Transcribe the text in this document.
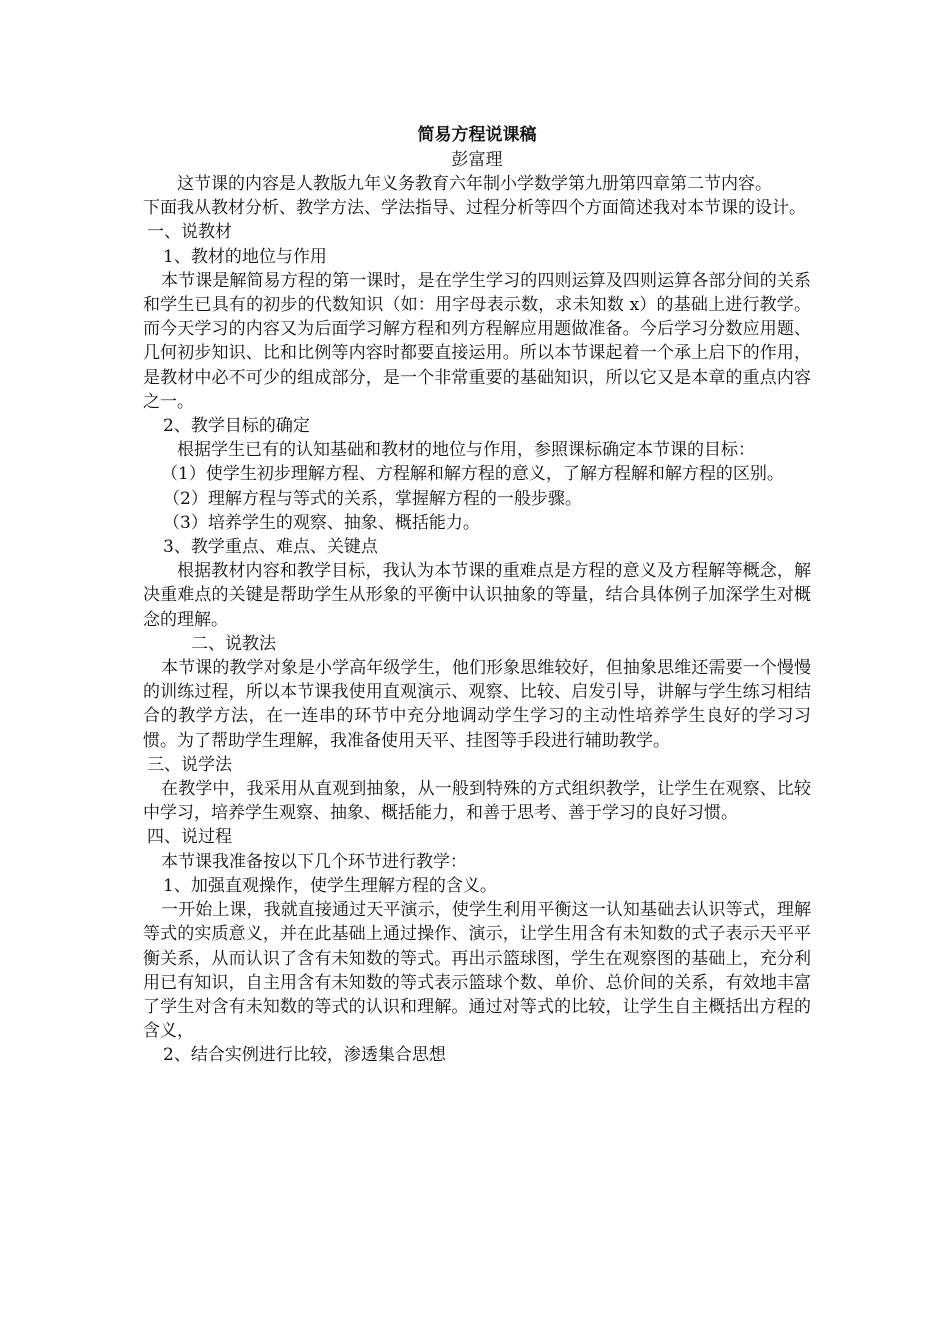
简易方程说课稿

彭富理

这节课的内容是人教版九年义务教育六年制小学数学第九册第四章第二节内容。

下面我从教材分析、教学方法、学法指导、过程分析等四个方面简述我对本节课的设计。

一、说教材

1、教材的地位与作用

本节课是解简易方程的第一课时，是在学生学习的四则运算及四则运算各部分间的关系和学生已具有的初步的代数知识（如：用字母表示数，求未知数 x）的基础上进行教学。而今天学习的内容又为后面学习解方程和列方程解应用题做准备。今后学习分数应用题、几何初步知识、比和比例等内容时都要直接运用。所以本节课起着一个承上启下的作用，是教材中必不可少的组成部分，是一个非常重要的基础知识，所以它又是本章的重点内容之一。

2、教学目标的确定

根据学生已有的认知基础和教材的地位与作用，参照课标确定本节课的目标：

（1）使学生初步理解方程、方程解和解方程的意义，了解方程解和解方程的区别。

（2）理解方程与等式的关系，掌握解方程的一般步骤。

（3）培养学生的观察、抽象、概括能力。

3、教学重点、难点、关键点

根据教材内容和教学目标，我认为本节课的重难点是方程的意义及方程解等概念，解决重难点的关键是帮助学生从形象的平衡中认识抽象的等量，结合具体例子加深学生对概念的理解。

二、说教法

本节课的教学对象是小学高年级学生，他们形象思维较好，但抽象思维还需要一个慢慢的训练过程，所以本节课我使用直观演示、观察、比较、启发引导，讲解与学生练习相结合的教学方法，在一连串的环节中充分地调动学生学习的主动性培养学生良好的学习习惯。为了帮助学生理解，我准备使用天平、挂图等手段进行辅助教学。

三、说学法

在教学中，我采用从直观到抽象，从一般到特殊的方式组织教学，让学生在观察、比较中学习，培养学生观察、抽象、概括能力，和善于思考、善于学习的良好习惯。

四、说过程

本节课我准备按以下几个环节进行教学：

1、加强直观操作，使学生理解方程的含义。

一开始上课，我就直接通过天平演示，使学生利用平衡这一认知基础去认识等式，理解等式的实质意义，并在此基础上通过操作、演示，让学生用含有未知数的式子表示天平平衡关系，从而认识了含有未知数的等式。再出示篮球图，学生在观察图的基础上，充分利用已有知识，自主用含有未知数的等式表示篮球个数、单价、总价间的关系，有效地丰富了学生对含有未知数的等式的认识和理解。通过对等式的比较，让学生自主概括出方程的含义，

2、结合实例进行比较，渗透集合思想
